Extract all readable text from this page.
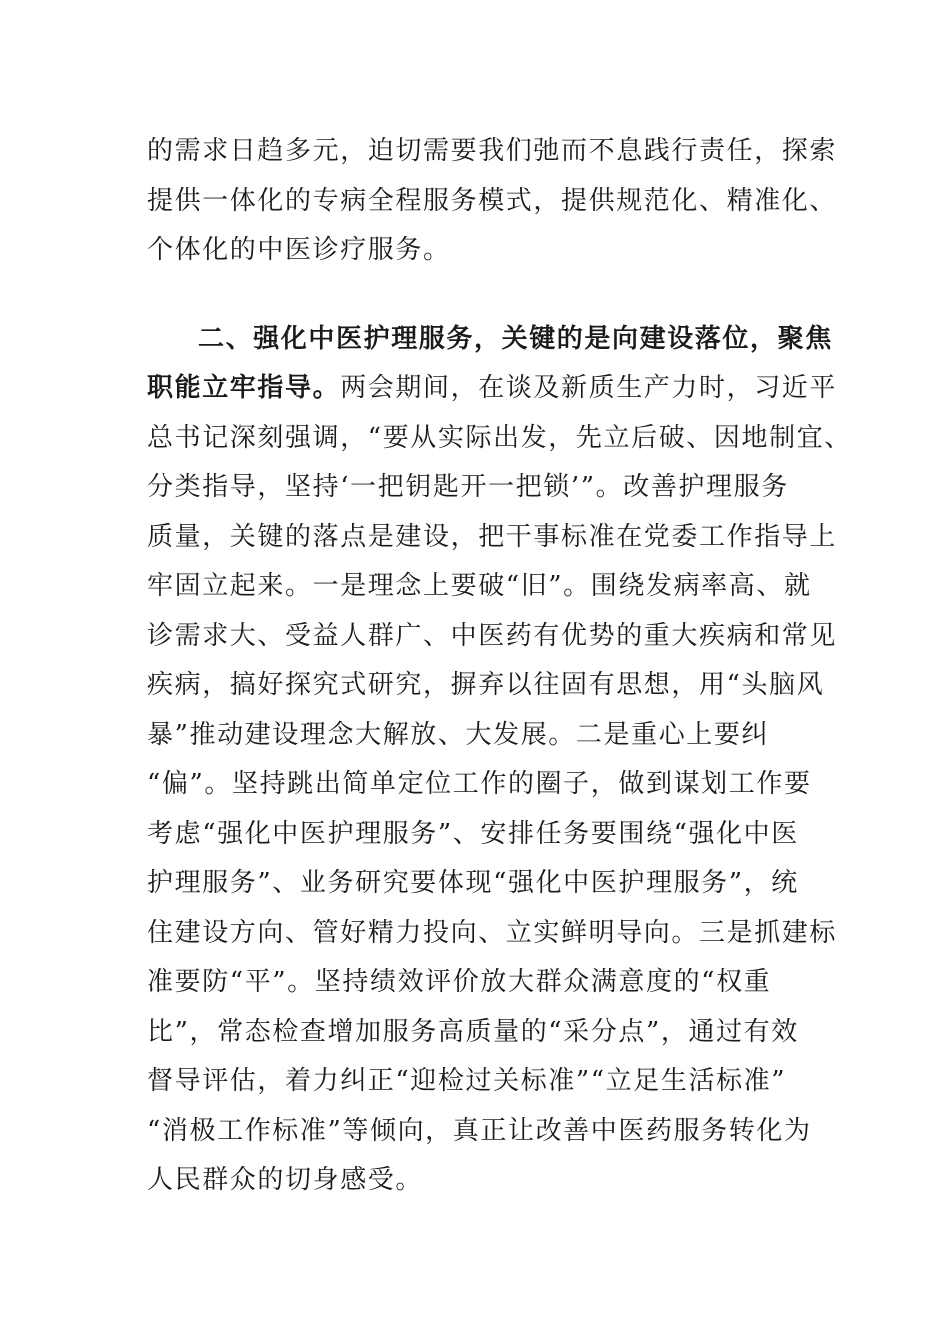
的需求日趋多元，迫切需要我们弛而不息践行责任，探索
提供一体化的专病全程服务模式，提供规范化、精准化、
个体化的中医诊疗服务。
二、强化中医护理服务，关键的是向建设落位，聚焦
职能立牢指导。两会期间，在谈及新质生产力时，习近平
总书记深刻强调，“要从实际出发，先立后破、因地制宜、
分类指导，坚持‘一把钥匙开一把锁’”。改善护理服务
质量，关键的落点是建设，把干事标准在党委工作指导上
牢固立起来。一是理念上要破“旧”。围绕发病率高、就
诊需求大、受益人群广、中医药有优势的重大疾病和常见
疾病，搞好探究式研究，摒弃以往固有思想，用“头脑风
暴”推动建设理念大解放、大发展。二是重心上要纠
“偏”。坚持跳出简单定位工作的圈子，做到谋划工作要
考虑“强化中医护理服务”、安排任务要围绕“强化中医
护理服务”、业务研究要体现“强化中医护理服务”，统
住建设方向、管好精力投向、立实鲜明导向。三是抓建标
准要防“平”。坚持绩效评价放大群众满意度的“权重
比”，常态检查增加服务高质量的“采分点”，通过有效
督导评估，着力纠正“迎检过关标准”“立足生活标准”
“消极工作标准”等倾向，真正让改善中医药服务转化为
人民群众的切身感受。
